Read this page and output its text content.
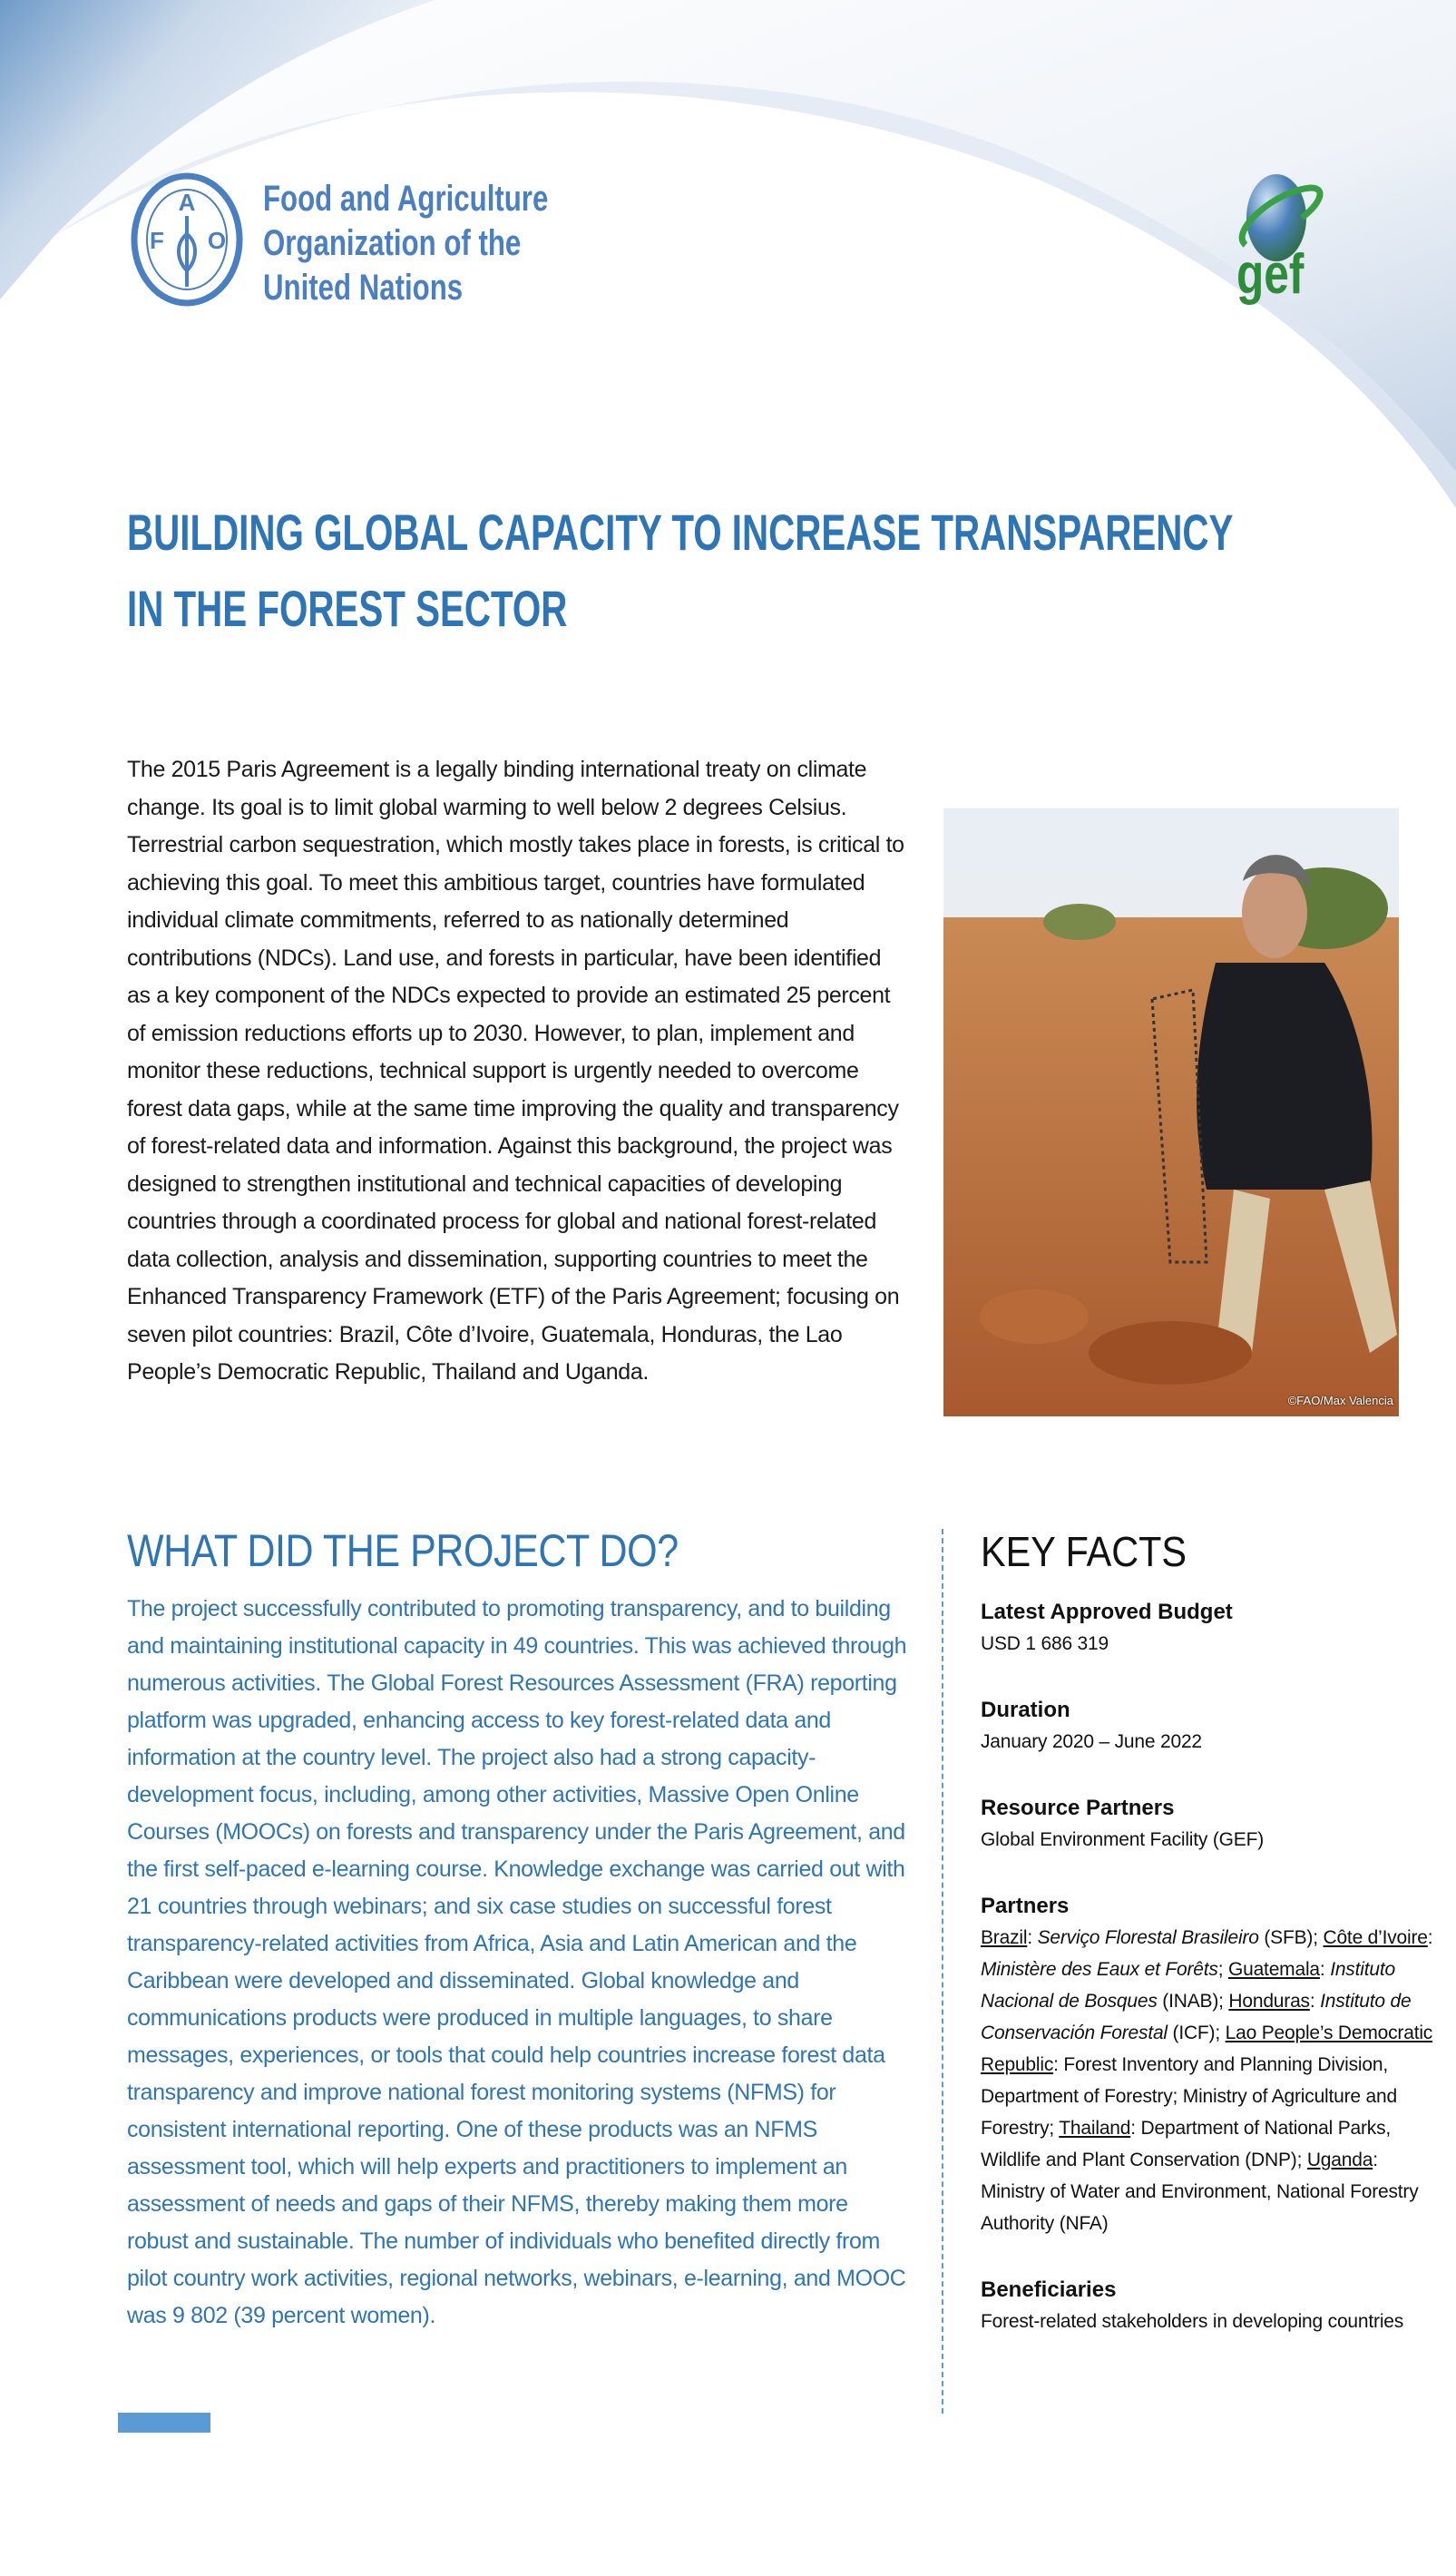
A
F O
Food and Agriculture
Organization of the
United Nations	gef
BUILDING GLOBAL CAPACITY TO INCREASE TRANSPARENCY
IN THE FOREST SECTOR
The 2015 Paris Agreement is a legally binding international treaty on climate change. Its goal is to limit global warming to well below 2 degrees Celsius. Terrestrial carbon sequestration, which mostly takes place in forests, is critical to achieving this goal. To meet this ambitious target, countries have formulated individual climate commitments, referred to as nationally determined contributions (NDCs). Land use, and forests in particular, have been identified as a key component of the NDCs expected to provide an estimated 25 percent of emission reductions efforts up to 2030. However, to plan, implement and monitor these reductions, technical support is urgently needed to overcome forest data gaps, while at the same time improving the quality and transparency of forest-related data and information. Against this background, the project was designed to strengthen institutional and technical capacities of developing countries through a coordinated process for global and national forest-related data collection, analysis and dissemination, supporting countries to meet the Enhanced Transparency Framework (ETF) of the Paris Agreement; focusing on seven pilot countries: Brazil, Côte d’Ivoire, Guatemala, Honduras, the Lao People’s Democratic Republic, Thailand and Uganda.
©FAO/Max Valencia
WHAT DID THE PROJECT DO?
The project successfully contributed to promoting transparency, and to building and maintaining institutional capacity in 49 countries. This was achieved through numerous activities. The Global Forest Resources Assessment (FRA) reporting platform was upgraded, enhancing access to key forest-related data and information at the country level. The project also had a strong capacity-development focus, including, among other activities, Massive Open Online Courses (MOOCs) on forests and transparency under the Paris Agreement, and the first self-paced e-learning course. Knowledge exchange was carried out with 21 countries through webinars; and six case studies on successful forest transparency-related activities from Africa, Asia and Latin American and the Caribbean were developed and disseminated. Global knowledge and communications products were produced in multiple languages, to share messages, experiences, or tools that could help countries increase forest data transparency and improve national forest monitoring systems (NFMS) for consistent international reporting. One of these products was an NFMS assessment tool, which will help experts and practitioners to implement an assessment of needs and gaps of their NFMS, thereby making them more robust and sustainable. The number of individuals who benefited directly from pilot country work activities, regional networks, webinars, e-learning, and MOOC was 9 802 (39 percent women).
KEY FACTS
Latest Approved Budget
USD 1 686 319
Duration
January 2020 – June 2022
Resource Partners
Global Environment Facility (GEF)
Partners
Brazil: Serviço Florestal Brasileiro (SFB); Côte d’Ivoire: Ministère des Eaux et Forêts; Guatemala: Instituto Nacional de Bosques (INAB); Honduras: Instituto de Conservación Forestal (ICF); Lao People’s Democratic Republic: Forest Inventory and Planning Division, Department of Forestry; Ministry of Agriculture and Forestry; Thailand: Department of National Parks, Wildlife and Plant Conservation (DNP); Uganda: Ministry of Water and Environment, National Forestry Authority (NFA)
Beneficiaries
Forest-related stakeholders in developing countries
